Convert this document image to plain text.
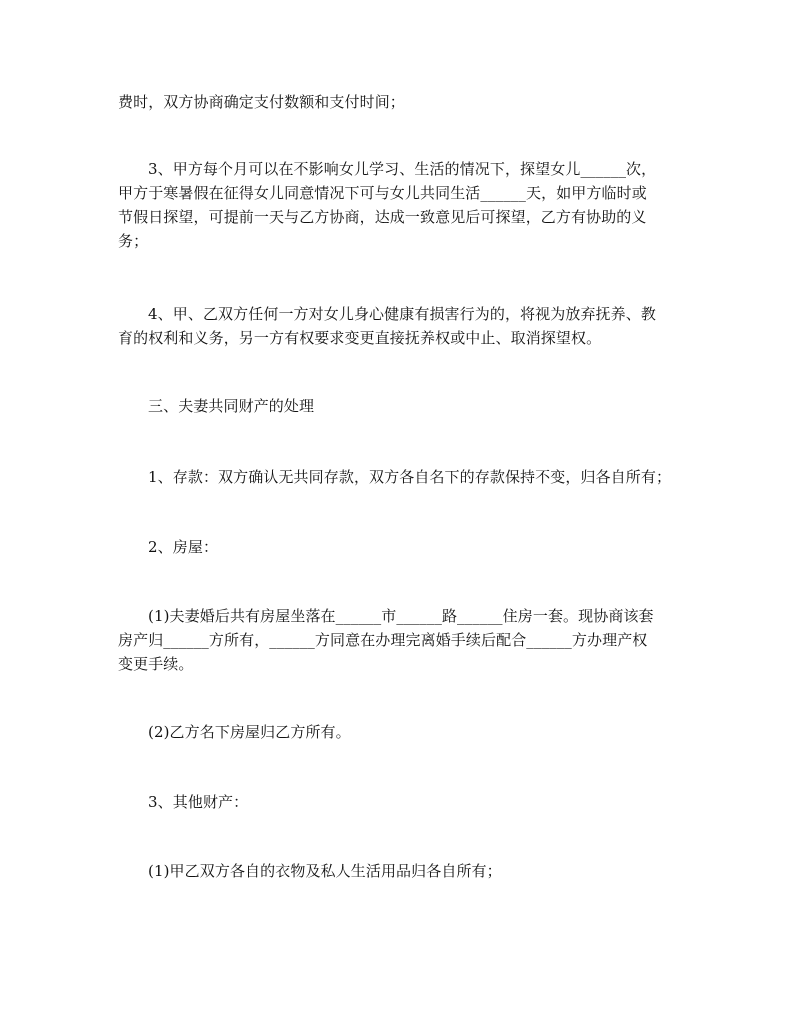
费时，双方协商确定支付数额和支付时间；
3、甲方每个月可以在不影响女儿学习、生活的情况下，探望女儿______次，
甲方于寒暑假在征得女儿同意情况下可与女儿共同生活______天，如甲方临时或
节假日探望，可提前一天与乙方协商，达成一致意见后可探望，乙方有协助的义
务；
4、甲、乙双方任何一方对女儿身心健康有损害行为的，将视为放弃抚养、教
育的权利和义务，另一方有权要求变更直接抚养权或中止、取消探望权。
三、夫妻共同财产的处理
1、存款：双方确认无共同存款，双方各自名下的存款保持不变，归各自所有；
2、房屋：
(1)夫妻婚后共有房屋坐落在______市______路______住房一套。现协商该套
房产归______方所有，______方同意在办理完离婚手续后配合______方办理产权
变更手续。
(2)乙方名下房屋归乙方所有。
3、其他财产：
(1)甲乙双方各自的衣物及私人生活用品归各自所有；
